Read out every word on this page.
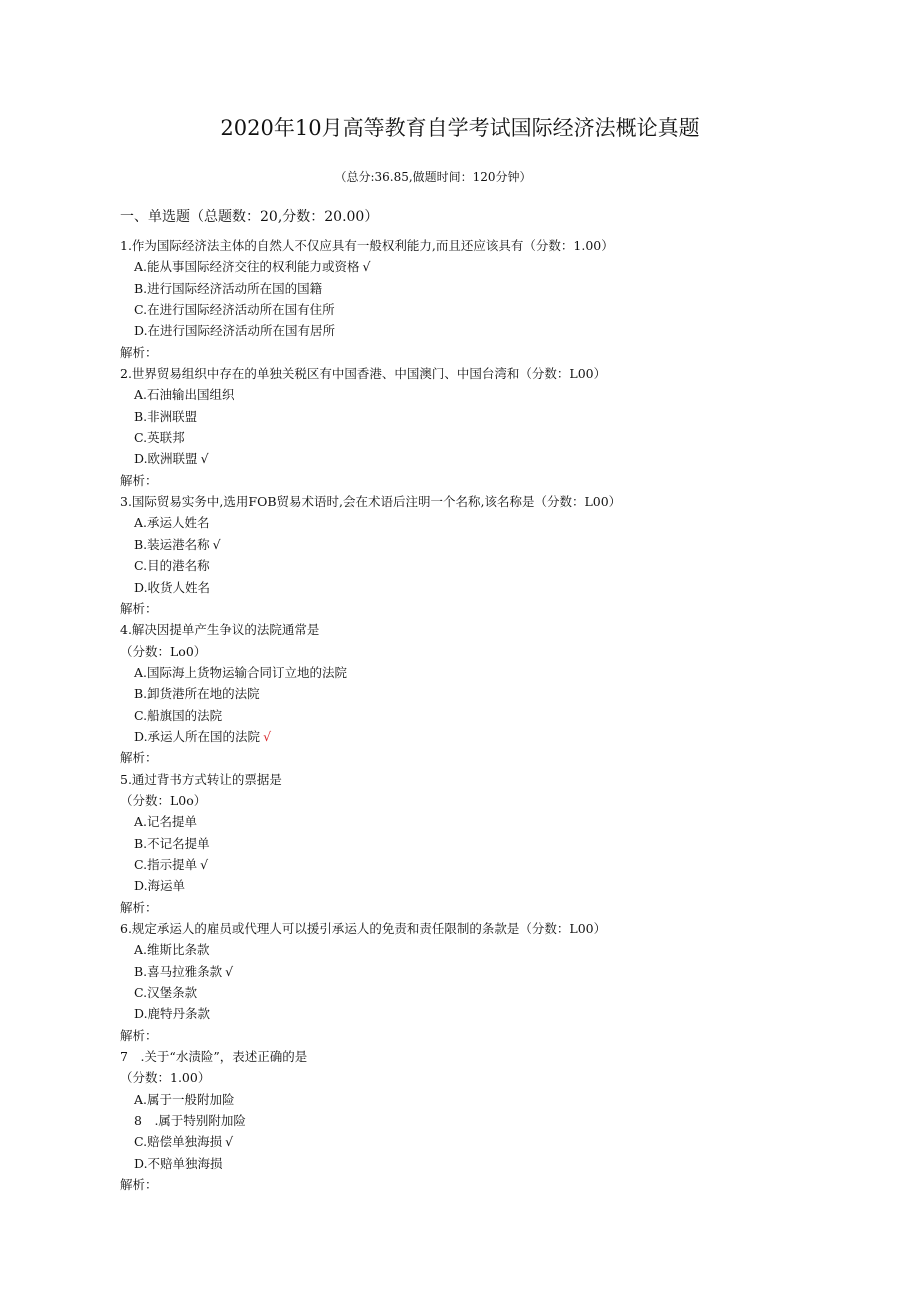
2020年10月高等教育自学考试国际经济法概论真题
（总分:36.85,做题时间：120分钟）
一、单选题（总题数：20,分数：20.00）
1.作为国际经济法主体的自然人不仅应具有一般权利能力,而且还应该具有（分数：1.00）
A.能从事国际经济交往的权利能力或资格 √
B.进行国际经济活动所在国的国籍
C.在进行国际经济活动所在国有住所
D.在进行国际经济活动所在国有居所
解析：
2.世界贸易组织中存在的单独关税区有中国香港、中国澳门、中国台湾和（分数：L00）
A.石油输出国组织
B.非洲联盟
C.英联邦
D.欧洲联盟 √
解析：
3.国际贸易实务中,选用FOB贸易术语时,会在术语后注明一个名称,该名称是（分数：L00）
A.承运人姓名
B.装运港名称 √
C.目的港名称
D.收货人姓名
解析：
4.解决因提单产生争议的法院通常是
（分数：Lo0）
A.国际海上货物运输合同订立地的法院
B.卸货港所在地的法院
C.船旗国的法院
D.承运人所在国的法院 √
解析：
5.通过背书方式转让的票据是
（分数：L0o）
A.记名提单
B.不记名提单
C.指示提单 √
D.海运单
解析：
6.规定承运人的雇员或代理人可以援引承运人的免责和责任限制的条款是（分数：L00）
A.维斯比条款
B.喜马拉雅条款 √
C.汉堡条款
D.鹿特丹条款
解析：
7　.关于“水渍险”，表述正确的是
（分数：1.00）
A.属于一般附加险
8　.属于特别附加险
C.赔偿单独海损 √
D.不赔单独海损
解析：
